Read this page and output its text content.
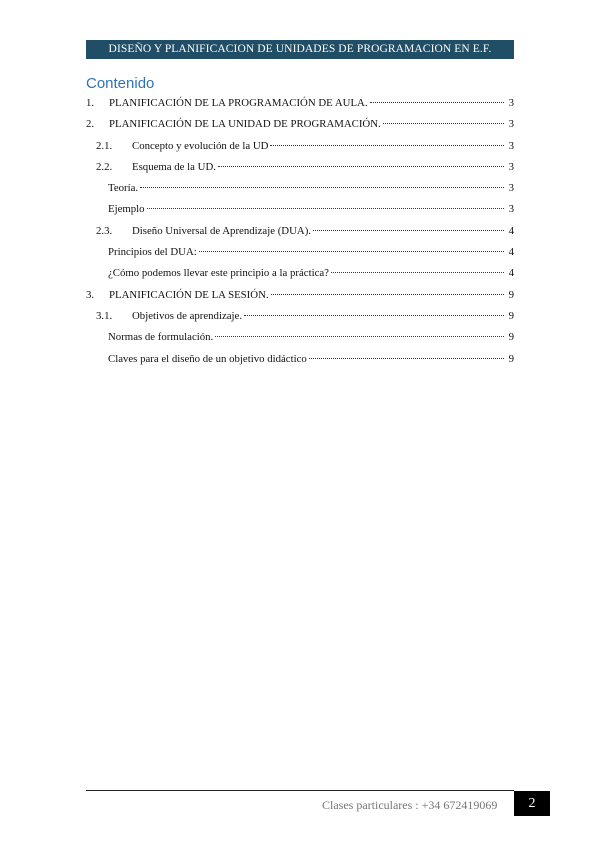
DISEÑO Y PLANIFICACION DE UNIDADES DE PROGRAMACION EN E.F.
Contenido
1.	PLANIFICACIÓN DE LA PROGRAMACIÓN DE AULA.	3
2.	PLANIFICACIÓN DE LA UNIDAD DE PROGRAMACIÓN.	3
2.1.	Concepto y evolución de la UD	3
2.2.	Esquema de la UD.	3
Teoría.	3
Ejemplo	3
2.3.	Diseño Universal de Aprendizaje (DUA).	4
Principios del DUA:	4
¿Cómo podemos llevar este principio a la práctica?	4
3.	PLANIFICACIÓN DE LA SESIÓN.	9
3.1.	Objetivos de aprendizaje.	9
Normas de formulación.	9
Claves para el diseño de un objetivo didáctico	9
Clases particulares : +34 672419069	2
